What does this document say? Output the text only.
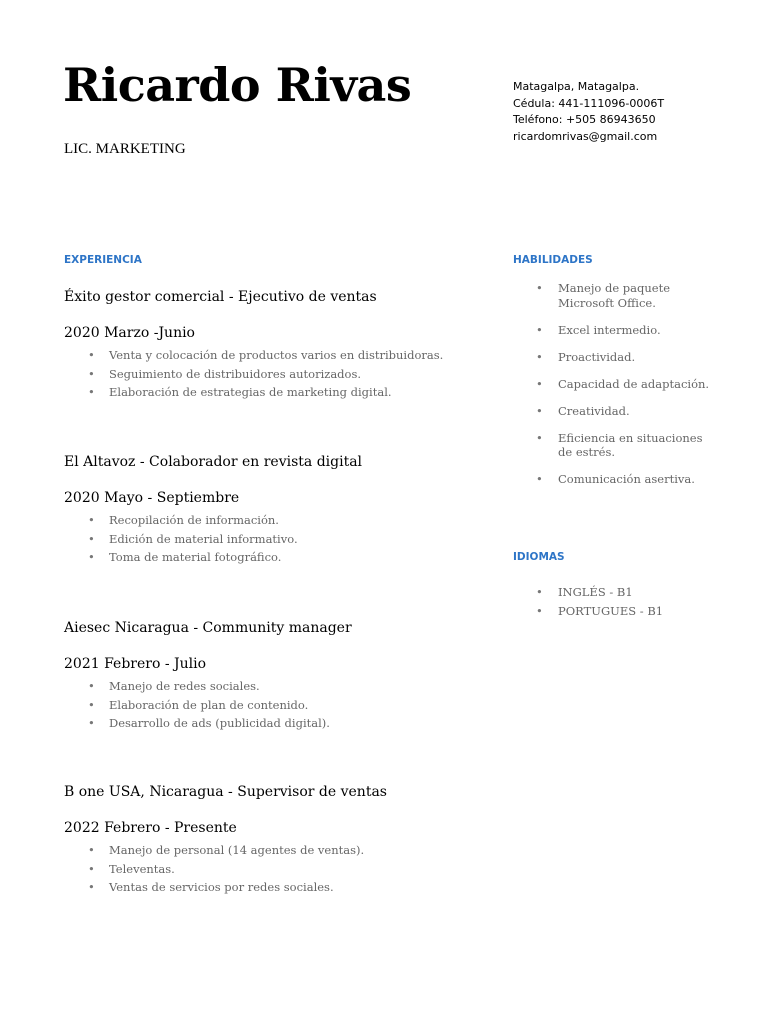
Ricardo Rivas
LIC. MARKETING
Matagalpa, Matagalpa.
Cédula: 441-111096-0006T
Teléfono: +505 86943650
ricardomrivas@gmail.com
EXPERIENCIA

Éxito gestor comercial - Ejecutivo de ventas

2020 Marzo -Junio

• Venta y colocación de productos varios en distribuidoras.
• Seguimiento de distribuidores autorizados.
• Elaboración de estrategias de marketing digital.

El Altavoz - Colaborador en revista digital

2020 Mayo - Septiembre

• Recopilación de información.
• Edición de material informativo.
• Toma de material fotográfico.

Aiesec Nicaragua - Community manager

2021 Febrero - Julio

• Manejo de redes sociales.
• Elaboración de plan de contenido.
• Desarrollo de ads (publicidad digital).

B one USA, Nicaragua - Supervisor de ventas

2022 Febrero - Presente

• Manejo de personal (14 agentes de ventas).
• Televentas.
• Ventas de servicios por redes sociales.
HABILIDADES
• Manejo de paquete Microsoft Office.
• Excel intermedio.
• Proactividad.
• Capacidad de adaptación.
• Creatividad.
• Eficiencia en situaciones de estrés.
• Comunicación asertiva.
IDIOMAS
• INGLÉS - B1
• PORTUGUES - B1
